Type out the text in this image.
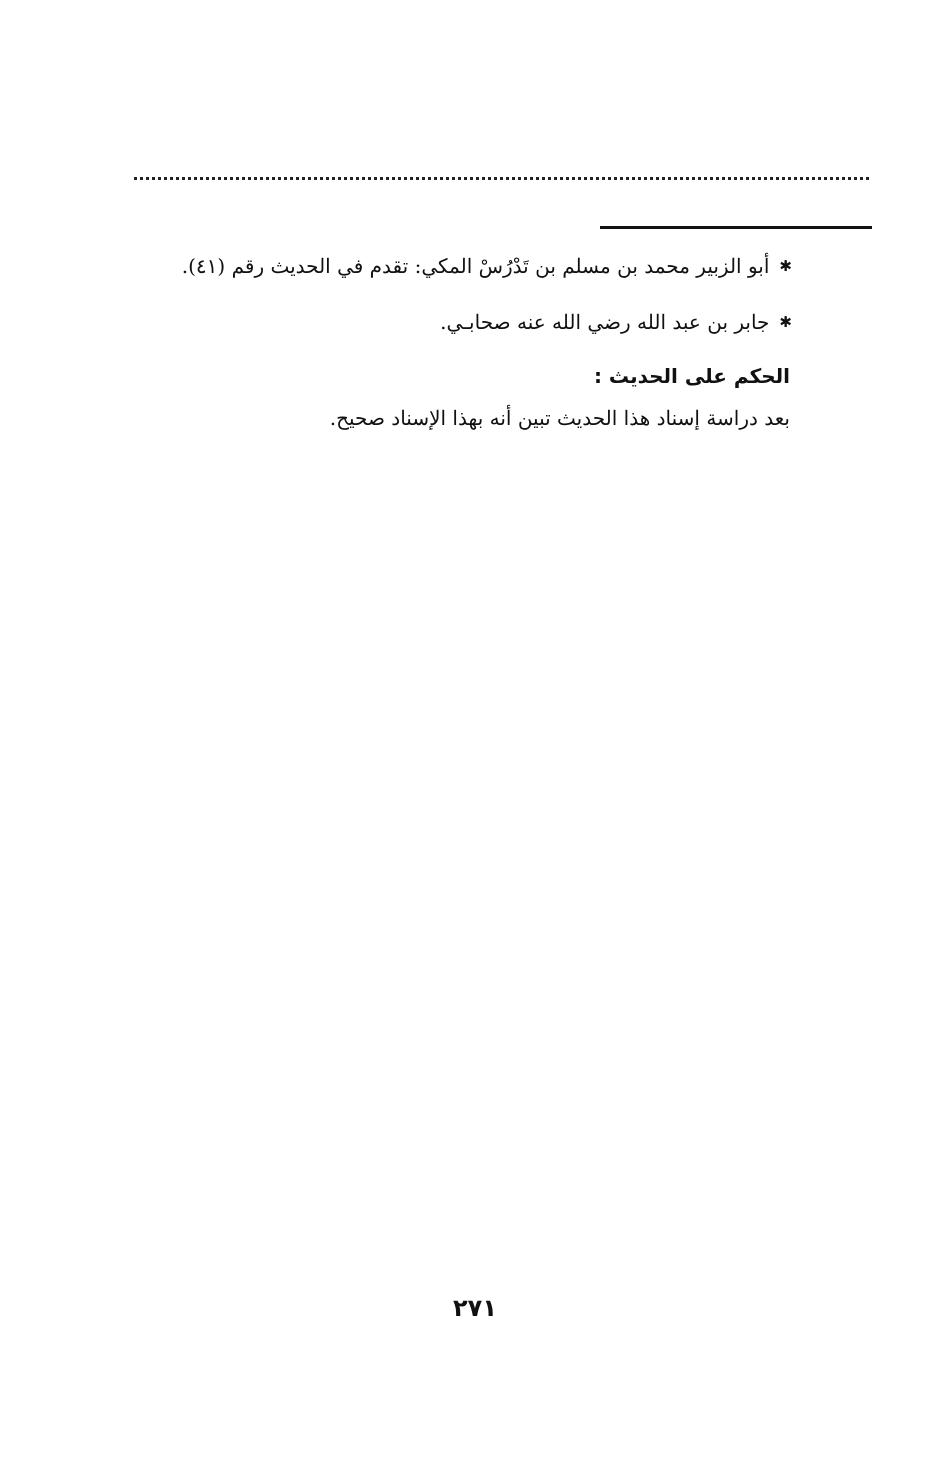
✱أبو الزبير محمد بن مسلم بن تَدْرُسْ المكي: تقدم في الحديث رقم (٤١).
✱جابر بن عبد الله رضي الله عنه صحابـي.
الحكم على الحديث :
بعد دراسة إسناد هذا الحديث تبين أنه بهذا الإسناد صحيح.
٢٧١
